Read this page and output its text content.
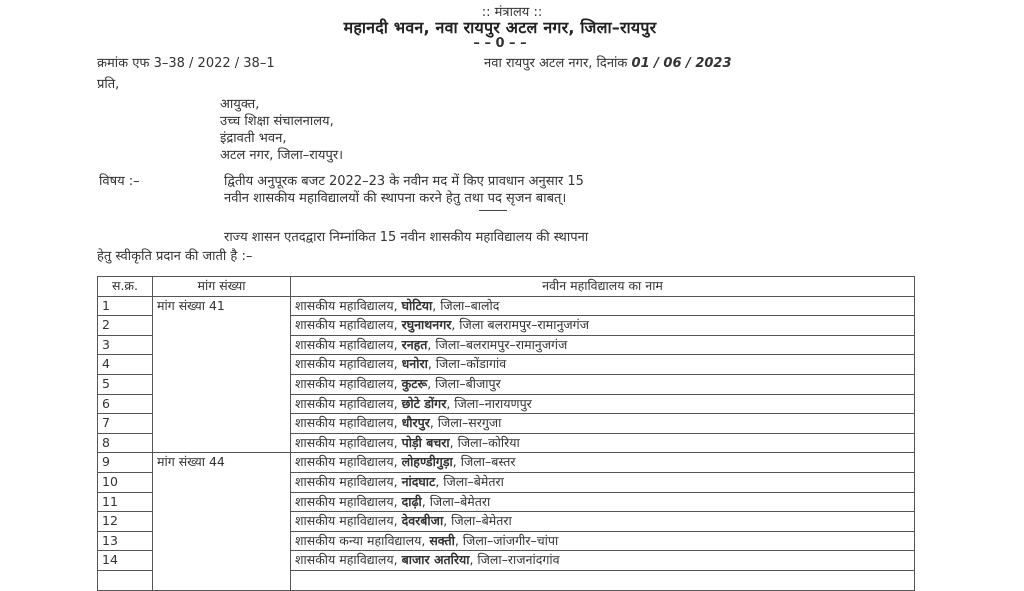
:: मंत्रालय ::
महानदी भवन, नवा रायपुर अटल नगर, जिला–रायपुर
– – 0 – –
क्रमांक एफ 3–38 / 2022 / 38–1	नवा रायपुर अटल नगर, दिनांक 01 / 06 / 2023
प्रति,
आयुक्त,
उच्च शिक्षा संचालनालय,
इंद्रावती भवन,
अटल नगर, जिला–रायपुर।
विषय :–	द्वितीय अनुपूरक बजट 2022–23 के नवीन मद में किए प्रावधान अनुसार 15
नवीन शासकीय महाविद्यालयों की स्थापना करने हेतु तथा पद सृजन बाबत्।
राज्य शासन एतदद्वारा निम्नांकित 15 नवीन शासकीय महाविद्यालय की स्थापना
हेतु स्वीकृति प्रदान की जाती है :–
स.क्र.	मांग संख्या	नवीन महाविद्यालय का नाम
1	मांग संख्या 41	शासकीय महाविद्यालय, घोटिया, जिला–बालोद
2		शासकीय महाविद्यालय, रघुनाथनगर, जिला बलरामपुर–रामानुजगंज
3		शासकीय महाविद्यालय, रनहत, जिला–बलरामपुर–रामानुजगंज
4		शासकीय महाविद्यालय, धनोरा, जिला–कोंडागांव
5		शासकीय महाविद्यालय, कुटरू, जिला–बीजापुर
6		शासकीय महाविद्यालय, छोटे डोंगर, जिला–नारायणपुर
7		शासकीय महाविद्यालय, धौरपुर, जिला–सरगुजा
8		शासकीय महाविद्यालय, पोड़ी बचरा, जिला–कोरिया
9	मांग संख्या 44	शासकीय महाविद्यालय, लोहण्डीगुड़ा, जिला–बस्तर
10		शासकीय महाविद्यालय, नांदघाट, जिला–बेमेतरा
11		शासकीय महाविद्यालय, दाढ़ी, जिला–बेमेतरा
12		शासकीय महाविद्यालय, देवरबीजा, जिला–बेमेतरा
13		शासकीय कन्या महाविद्यालय, सक्ती, जिला–जांजगीर–चांपा
14		शासकीय महाविद्यालय, बाजार अतरिया, जिला–राजनांदगांव
